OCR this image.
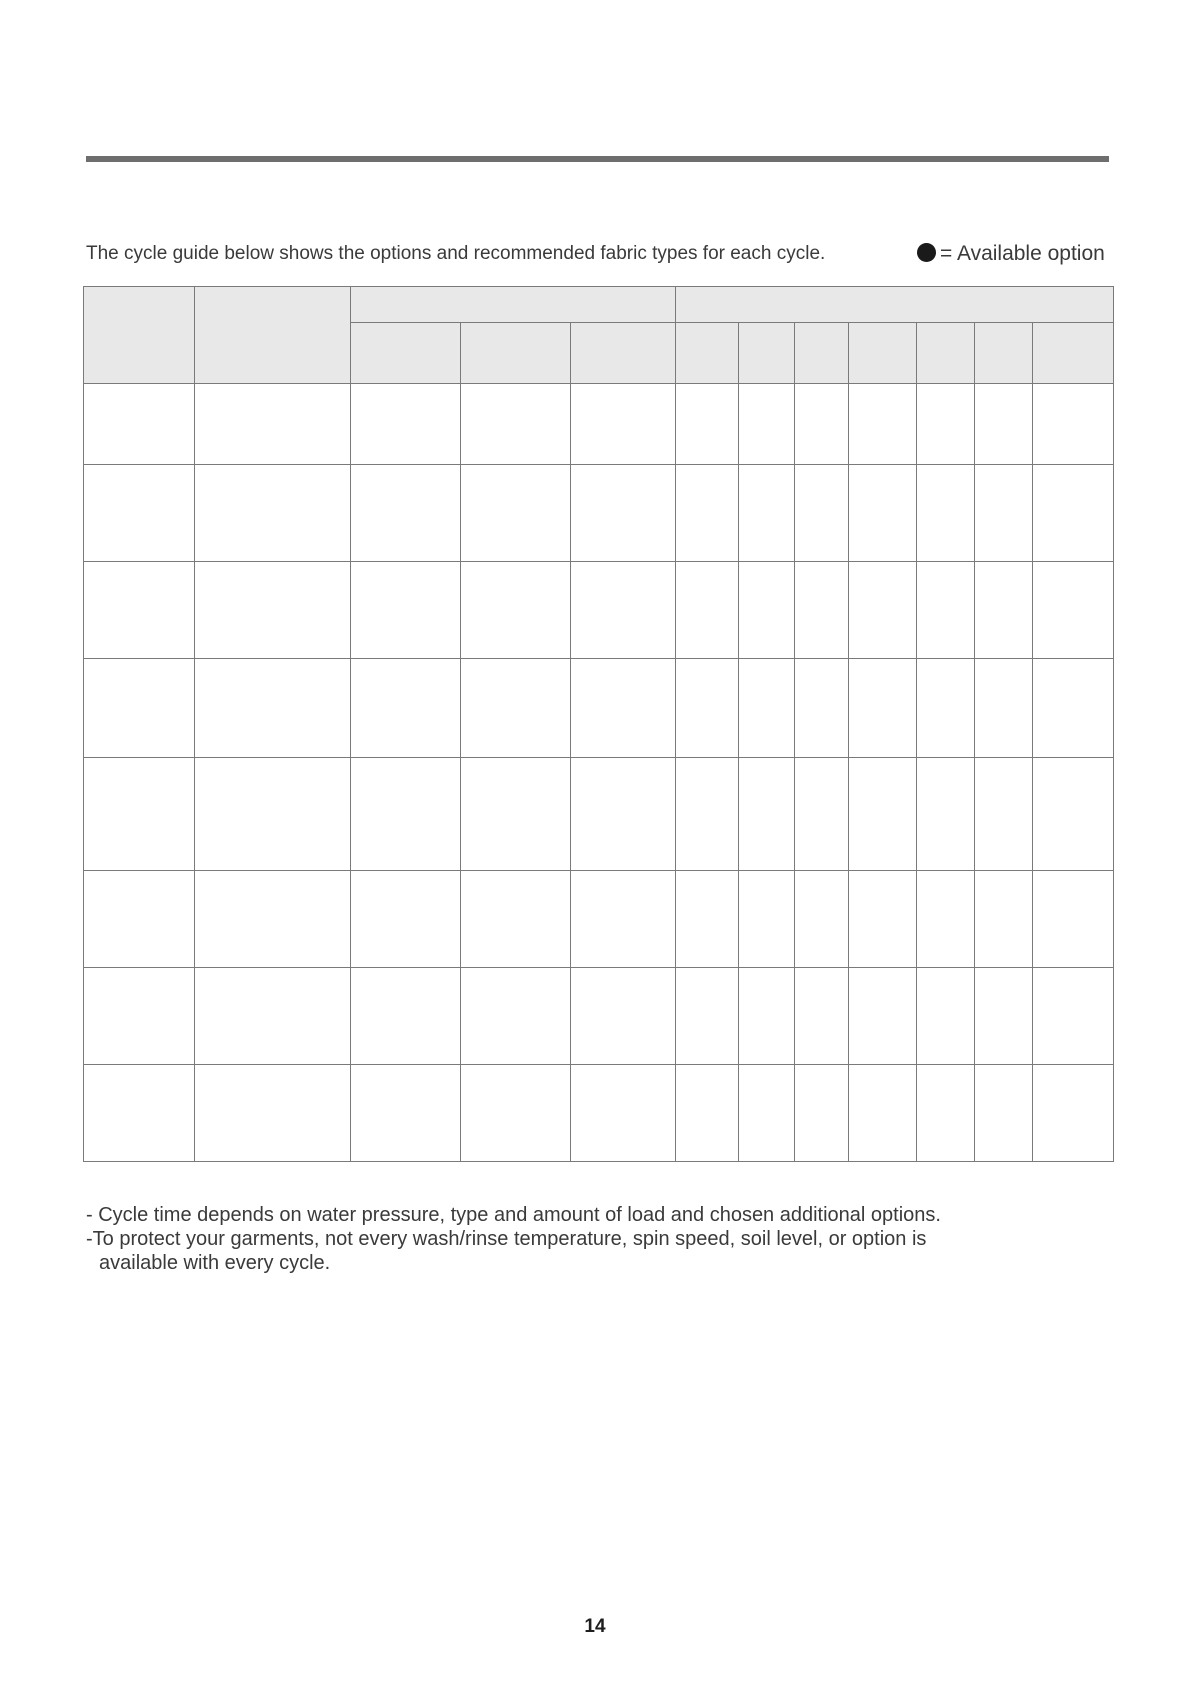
The cycle guide below shows the options and recommended fabric types for each cycle.	= Available option

- Cycle time depends on water pressure, type and amount of load and chosen additional options.

-To protect your garments, not every wash/rinse temperature, spin speed, soil level, or option is

available with every cycle.

14
